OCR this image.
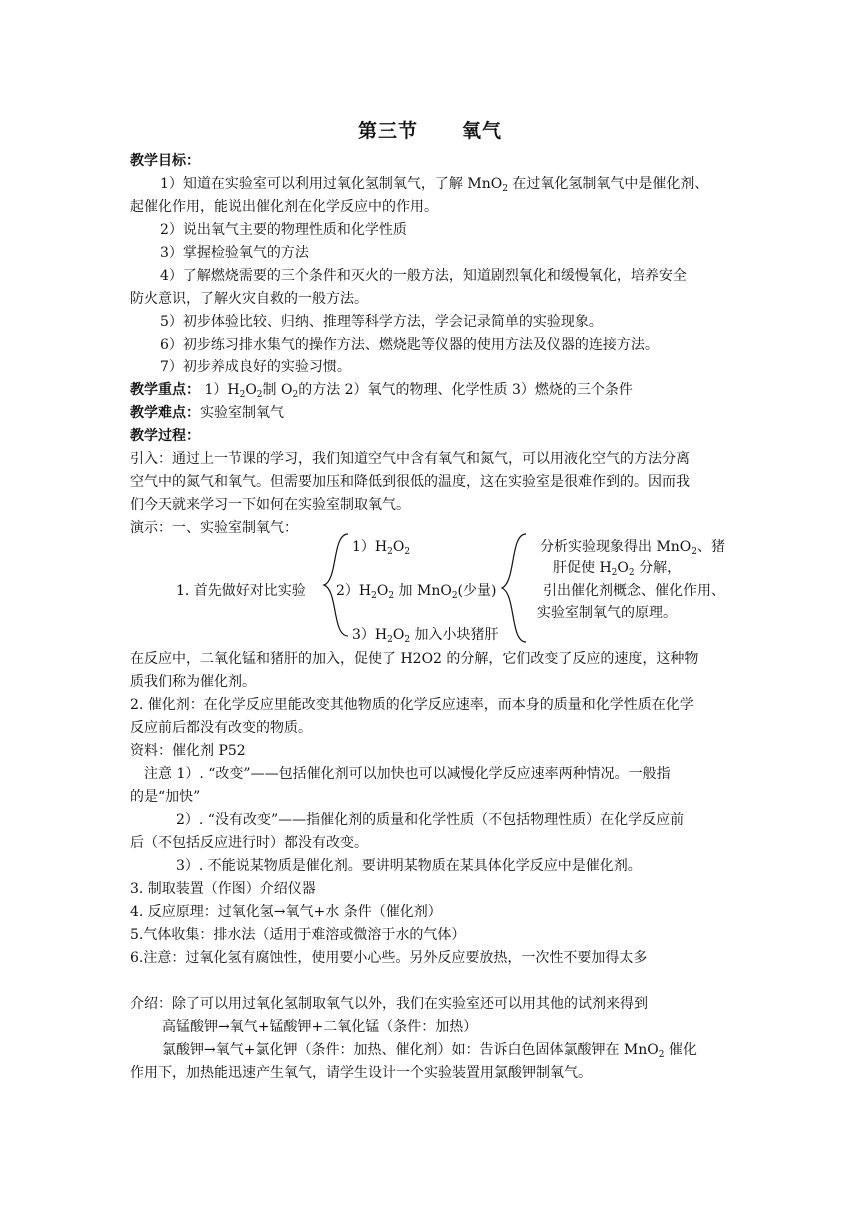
第三节 氧气
教学目标：
1）知道在实验室可以利用过氧化氢制氧气，了解 MnO$_2$ 在过氧化氢制氧气中是催化剂、
起催化作用，能说出催化剂在化学反应中的作用。
2）说出氧气主要的物理性质和化学性质
3）掌握检验氧气的方法
4）了解燃烧需要的三个条件和灭火的一般方法，知道剧烈氧化和缓慢氧化，培养安全
防火意识，了解火灾自救的一般方法。
5）初步体验比较、归纳、推理等科学方法，学会记录简单的实验现象。
6）初步练习排水集气的操作方法、燃烧匙等仪器的使用方法及仪器的连接方法。
7）初步养成良好的实验习惯。
教学重点： $1)H_2O_2$制 $O_2$的方法 2）氧气的物理、化学性质 3）燃烧的三个条件
教学难点：实验室制氧气
教学过程：
引入：通过上一节课的学习，我们知道空气中含有氧气和氮气，可以用液化空气的方法分离
空气中的氮气和氧气。但需要加压和降低到很低的温度，这在实验室是很难作到的。因而我
们今天就来学习一下如何在实验室制取氧气。
演示：一、实验室制氧气：
1. 首先做好对比实验
$1)H_2O_2$
$2)H_2O_2$ 加 MnO$_2$(少量)
$3)H_2O_2$ 加入小块猪肝
分析实验现象得出 MnO$_2$、猪
肝促使 $H_2O_2$ 分解，
引出催化剂概念、催化作用、
实验室制氧气的原理。
在反应中，二氧化锰和猪肝的加入，促使了 H2O2 的分解，它们改变了反应的速度，这种物
质我们称为催化剂。
2. 催化剂：在化学反应里能改变其他物质的化学反应速率，而本身的质量和化学性质在化学
反应前后都没有改变的物质。
资料：催化剂 P52
注意 1）. “改变”——包括催化剂可以加快也可以减慢化学反应速率两种情况。一般指
的是“加快”
2）. “没有改变”——指催化剂的质量和化学性质（不包括物理性质）在化学反应前
后（不包括反应进行时）都没有改变。
3）. 不能说某物质是催化剂。要讲明某物质在某具体化学反应中是催化剂。
3. 制取装置（作图）介绍仪器
4. 反应原理：过氧化氢→氧气+水 条件（催化剂）
5.气体收集：排水法（适用于难溶或微溶于水的气体）
6.注意：过氧化氢有腐蚀性，使用要小心些。另外反应要放热，一次性不要加得太多
介绍：除了可以用过氧化氢制取氧气以外，我们在实验室还可以用其他的试剂来得到
高锰酸钾→氧气+锰酸钾+二氧化锰（条件：加热）
氯酸钾→氧气+氯化钾（条件：加热、催化剂）如：告诉白色固体氯酸钾在 MnO$_2$ 催化
作用下，加热能迅速产生氧气，请学生设计一个实验装置用氯酸钾制氧气。
